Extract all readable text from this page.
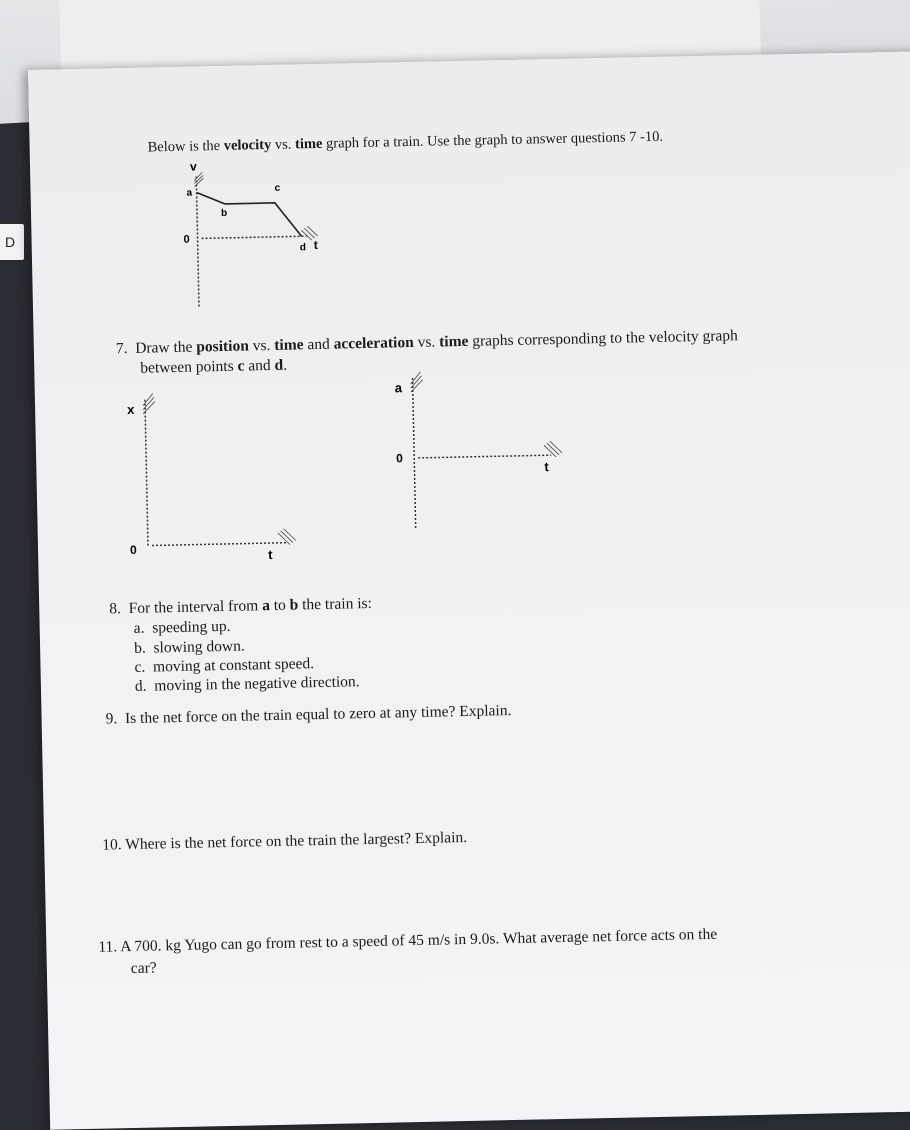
D
Below is the velocity vs. time graph for a train. Use the graph to answer questions 7 -10.
v
0	t
a
b
c
d
7. Draw the position vs. time and acceleration vs. time graphs corresponding to the velocity graph
between points c and d.
x
0	t
a
0
t
8. For the interval from a to b the train is:
a. speeding up.
b. slowing down.
c. moving at constant speed.
d. moving in the negative direction.
9. Is the net force on the train equal to zero at any time? Explain.
10. Where is the net force on the train the largest? Explain.
11. A 700. kg Yugo can go from rest to a speed of 45 m/s in 9.0s. What average net force acts on the
car?
